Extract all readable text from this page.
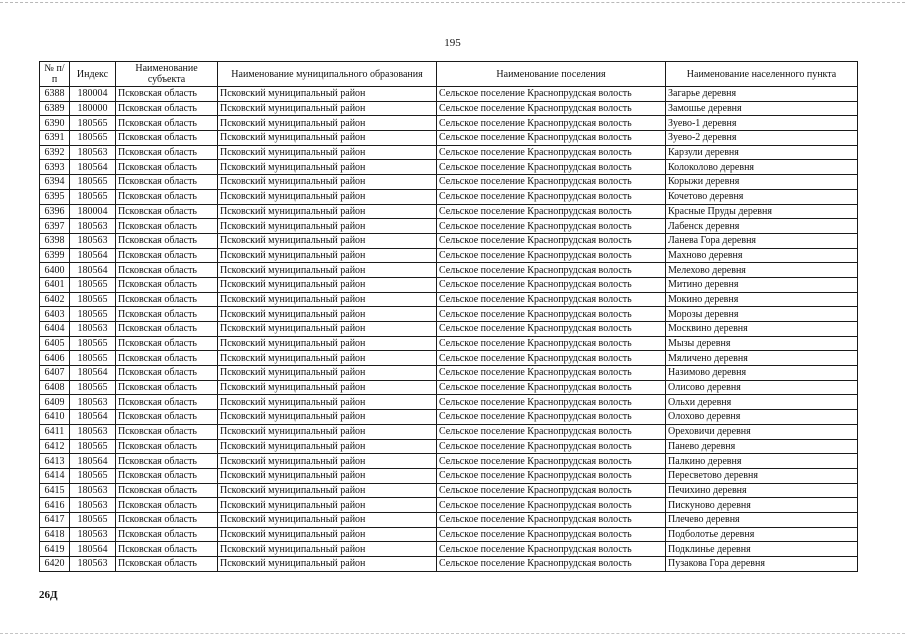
195
№ п/п	Индекс	Наименование субъекта	Наименование муниципального образования	Наименование поселения	Наименование населенного пункта
6388	180004	Псковская область	Псковский муниципальный район	Сельское поселение Краснопрудская волость	Загарье деревня
6389	180000	Псковская область	Псковский муниципальный район	Сельское поселение Краснопрудская волость	Замошье деревня
6390	180565	Псковская область	Псковский муниципальный район	Сельское поселение Краснопрудская волость	Зуево-1 деревня
6391	180565	Псковская область	Псковский муниципальный район	Сельское поселение Краснопрудская волость	Зуево-2 деревня
6392	180563	Псковская область	Псковский муниципальный район	Сельское поселение Краснопрудская волость	Карзули деревня
6393	180564	Псковская область	Псковский муниципальный район	Сельское поселение Краснопрудская волость	Колоколово деревня
6394	180565	Псковская область	Псковский муниципальный район	Сельское поселение Краснопрудская волость	Корыжи деревня
6395	180565	Псковская область	Псковский муниципальный район	Сельское поселение Краснопрудская волость	Кочетово деревня
6396	180004	Псковская область	Псковский муниципальный район	Сельское поселение Краснопрудская волость	Красные Пруды деревня
6397	180563	Псковская область	Псковский муниципальный район	Сельское поселение Краснопрудская волость	Лабенск деревня
6398	180563	Псковская область	Псковский муниципальный район	Сельское поселение Краснопрудская волость	Ланева Гора деревня
6399	180564	Псковская область	Псковский муниципальный район	Сельское поселение Краснопрудская волость	Махново деревня
6400	180564	Псковская область	Псковский муниципальный район	Сельское поселение Краснопрудская волость	Мелехово деревня
6401	180565	Псковская область	Псковский муниципальный район	Сельское поселение Краснопрудская волость	Митино деревня
6402	180565	Псковская область	Псковский муниципальный район	Сельское поселение Краснопрудская волость	Мокино деревня
6403	180565	Псковская область	Псковский муниципальный район	Сельское поселение Краснопрудская волость	Морозы деревня
6404	180563	Псковская область	Псковский муниципальный район	Сельское поселение Краснопрудская волость	Москвино деревня
6405	180565	Псковская область	Псковский муниципальный район	Сельское поселение Краснопрудская волость	Мызы деревня
6406	180565	Псковская область	Псковский муниципальный район	Сельское поселение Краснопрудская волость	Мяличено деревня
6407	180564	Псковская область	Псковский муниципальный район	Сельское поселение Краснопрудская волость	Назимово деревня
6408	180565	Псковская область	Псковский муниципальный район	Сельское поселение Краснопрудская волость	Олисово деревня
6409	180563	Псковская область	Псковский муниципальный район	Сельское поселение Краснопрудская волость	Ольхи деревня
6410	180564	Псковская область	Псковский муниципальный район	Сельское поселение Краснопрудская волость	Олохово деревня
6411	180563	Псковская область	Псковский муниципальный район	Сельское поселение Краснопрудская волость	Ореховичи деревня
6412	180565	Псковская область	Псковский муниципальный район	Сельское поселение Краснопрудская волость	Панево деревня
6413	180564	Псковская область	Псковский муниципальный район	Сельское поселение Краснопрудская волость	Палкино деревня
6414	180565	Псковская область	Псковский муниципальный район	Сельское поселение Краснопрудская волость	Пересветово деревня
6415	180563	Псковская область	Псковский муниципальный район	Сельское поселение Краснопрудская волость	Печихино деревня
6416	180563	Псковская область	Псковский муниципальный район	Сельское поселение Краснопрудская волость	Пискуново деревня
6417	180565	Псковская область	Псковский муниципальный район	Сельское поселение Краснопрудская волость	Плечево деревня
6418	180563	Псковская область	Псковский муниципальный район	Сельское поселение Краснопрудская волость	Подболотье деревня
6419	180564	Псковская область	Псковский муниципальный район	Сельское поселение Краснопрудская волость	Подклинье деревня
6420	180563	Псковская область	Псковский муниципальный район	Сельское поселение Краснопрудская волость	Пузакова Гора деревня
26Д
